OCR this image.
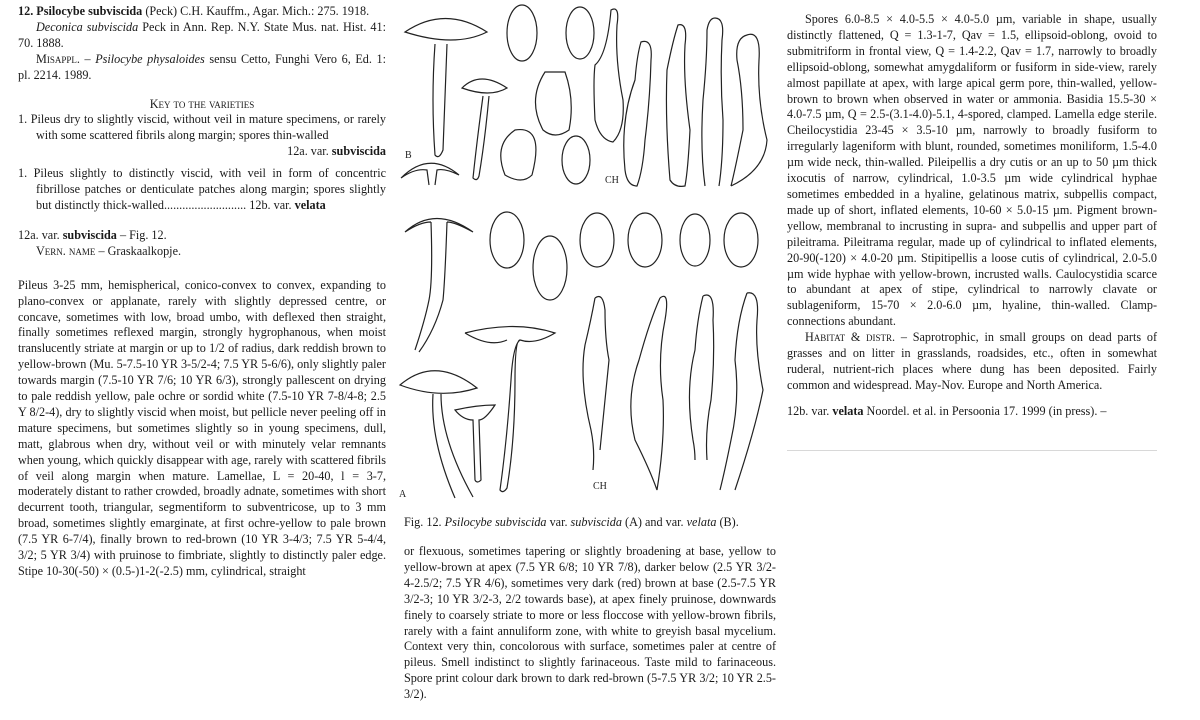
12. Psilocybe subviscida (Peck) C.H. Kauffm., Agar. Mich.: 275. 1918.

Deconica subviscida Peck in Ann. Rep. N.Y. State Mus. nat. Hist. 41: 70. 1888.

Misappl. – Psilocybe physaloides sensu Cetto, Funghi Vero 6, Ed. 1: pl. 2214. 1989.

Key to the varieties

1. Pileus dry to slightly viscid, without veil in mature specimens, or rarely with some scattered fibrils along margin; spores thin-walled

12a. var. subviscida

1. Pileus slightly to distinctly viscid, with veil in form of concentric fibrillose patches or denticulate patches along margin; spores slightly but distinctly thick-walled........................... 12b. var. velata

12a. var. subviscida – Fig. 12.

Vern. name – Graskaalkopje.

Pileus 3-25 mm, hemispherical, conico-convex to convex, expanding to plano-convex or applanate, rarely with slightly depressed centre, or concave, sometimes with low, broad umbo, with deflexed then straight, finally sometimes reflexed margin, strongly hygrophanous, when moist translucently striate at margin or up to 1/2 of radius, dark reddish brown to yellow-brown (Mu. 5-7.5-10 YR 3-5/2-4; 7.5 YR 5-6/6), only slightly paler towards margin (7.5-10 YR 7/6; 10 YR 6/3), strongly pallescent on drying to pale reddish yellow, pale ochre or sordid white (7.5-10 YR 7-8/4-8; 2.5 Y 8/2-4), dry to slightly viscid when moist, but pellicle never peeling off in mature specimens, but sometimes slightly so in young specimens, dull, matt, glabrous when dry, without veil or with minutely velar remnants when young, which quickly disappear with age, rarely with scattered fibrils of veil along margin when mature. Lamellae, L = 20-40, l = 3-7, moderately distant to rather crowded, broadly adnate, sometimes with short decurrent tooth, triangular, segmentiform to subventricose, up to 3 mm broad, sometimes slightly emarginate, at first ochre-yellow to pale brown (7.5 YR 6-7/4), finally brown to red-brown (10 YR 3-4/3; 7.5 YR 5-4/4, 3/2; 5 YR 3/4) with pruinose to fimbriate, slightly to distinctly paler edge. Stipe 10-30(-50) × (0.5-)1-2(-2.5) mm, cylindrical, straight

B
CH
A
CH
Fig. 12. Psilocybe subviscida var. subviscida (A) and var. velata (B).

or flexuous, sometimes tapering or slightly broadening at base, yellow to yellow-brown at apex (7.5 YR 6/8; 10 YR 7/8), darker below (2.5 YR 3/2-4-2.5/2; 7.5 YR 4/6), sometimes very dark (red) brown at base (2.5-7.5 YR 3/2-3; 10 YR 3/2-3, 2/2 towards base), at apex finely pruinose, downwards finely to coarsely striate to more or less floccose with yellow-brown fibrils, rarely with a faint annuliform zone, with white to greyish basal mycelium. Context very thin, concolorous with surface, sometimes paler at centre of pileus. Smell indistinct to slightly farinaceous. Taste mild to farinaceous. Spore print colour dark brown to dark red-brown (5-7.5 YR 3/2; 10 YR 2.5-3/2).

Spores 6.0-8.5 × 4.0-5.5 × 4.0-5.0 µm, variable in shape, usually distinctly flattened, Q = 1.3-1-7, Qav = 1.5, ellipsoid-oblong, ovoid to submitriform in frontal view, Q = 1.4-2.2, Qav = 1.7, narrowly to broadly ellipsoid-oblong, somewhat amygdaliform or fusiform in side-view, rarely almost papillate at apex, with large apical germ pore, thin-walled, yellow-brown to brown when observed in water or ammonia. Basidia 15.5-30 × 4.0-7.5 µm, Q = 2.5-(3.1-4.0)-5.1, 4-spored, clamped. Lamella edge sterile. Cheilocystidia 23-45 × 3.5-10 µm, narrowly to broadly fusiform to irregularly lageniform with blunt, rounded, sometimes moniliform, 1.5-4.0 µm wide neck, thin-walled. Pileipellis a dry cutis or an up to 50 µm thick ixocutis of narrow, cylindrical, 1.0-3.5 µm wide cylindrical hyphae sometimes embedded in a hyaline, gelatinous matrix, subpellis compact, made up of short, inflated elements, 10-60 × 5.0-15 µm. Pigment brown-yellow, membranal to incrusting in supra- and subpellis and upper part of pileitrama. Pileitrama regular, made up of cylindrical to inflated elements, 20-90(-120) × 4.0-20 µm. Stipitipellis a loose cutis of cylindrical, 2.0-5.0 µm wide hyphae with yellow-brown, incrusted walls. Caulocystidia scarce to abundant at apex of stipe, cylindrical to narrowly clavate or sublageniform, 15-70 × 2.0-6.0 µm, hyaline, thin-walled. Clamp-connections abundant.

Habitat & distr. – Saprotrophic, in small groups on dead parts of grasses and on litter in grasslands, roadsides, etc., often in somewhat ruderal, nutrient-rich places where dung has been deposited. Fairly common and widespread. May-Nov. Europe and North America.

12b. var. velata Noordel. et al. in Persoonia 17. 1999 (in press). –
